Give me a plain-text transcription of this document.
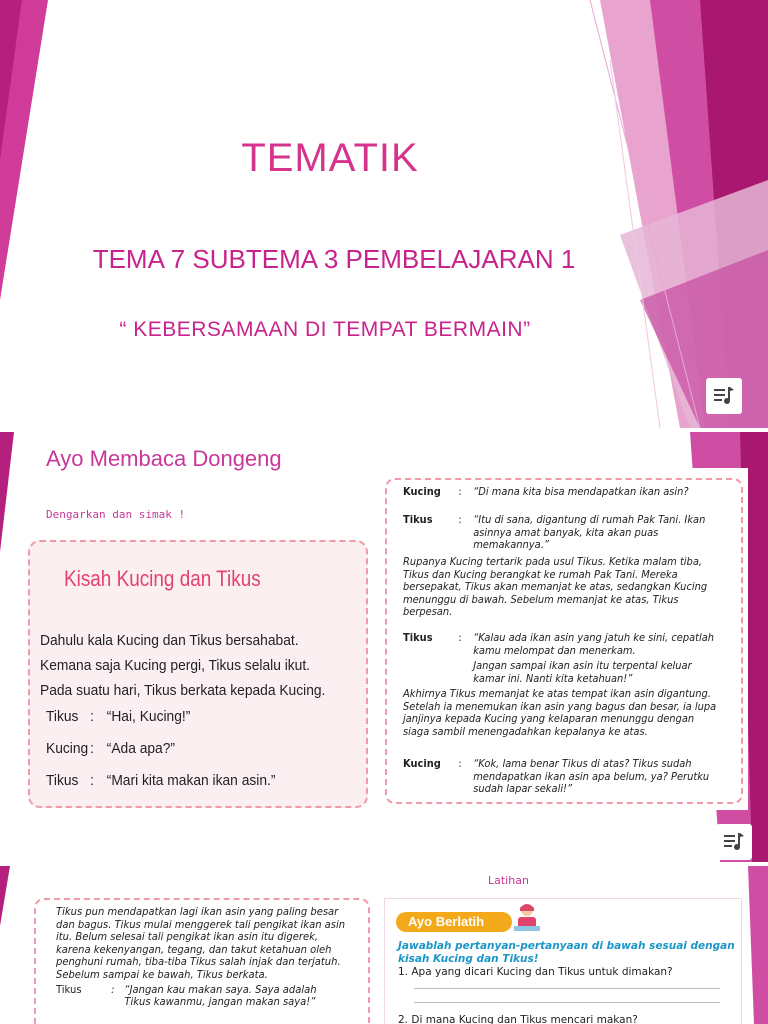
TEMATIK
TEMA 7 SUBTEMA 3 PEMBELAJARAN 1
“ KEBERSAMAAN DI TEMPAT BERMAIN”
Ayo Membaca Dongeng
Dengarkan dan simak !
Kisah Kucing dan Tikus
Dahulu kala Kucing dan Tikus bersahabat.
Kemana saja Kucing pergi, Tikus selalu ikut.
Pada suatu hari, Tikus berkata kepada Kucing.
Tikus : “Hai, Kucing!”
Kucing : “Ada apa?”
Tikus : “Mari kita makan ikan asin.”
Kucing	:	“Di mana kita bisa mendapatkan ikan asin?
Tikus	:	“Itu di sana, digantung di rumah Pak Tani. Ikan asinnya amat banyak, kita akan puas memakannya.”
Rupanya Kucing tertarik pada usul Tikus. Ketika malam tiba, Tikus dan Kucing berangkat ke rumah Pak Tani. Mereka bersepakat, Tikus akan memanjat ke atas, sedangkan Kucing menunggu di bawah. Sebelum memanjat ke atas, Tikus berpesan.
Tikus	:	“Kalau ada ikan asin yang jatuh ke sini, cepatlah kamu melompat dan menerkam.
Jangan sampai ikan asin itu terpental keluar kamar ini. Nanti kita ketahuan!”
Akhirnya Tikus memanjat ke atas tempat ikan asin digantung. Setelah ia menemukan ikan asin yang bagus dan besar, ia lupa janjinya kepada Kucing yang kelaparan menunggu dengan siaga sambil menengadahkan kepalanya ke atas.
Kucing	:	“Kok, lama benar Tikus di atas? Tikus sudah mendapatkan ikan asin apa belum, ya? Perutku sudah lapar sekali!”
Latihan
Tikus pun mendapatkan lagi ikan asin yang paling besar dan bagus. Tikus mulai menggerek tali pengikat ikan asin itu. Belum selesai tali pengikat ikan asin itu digerek, karena kekenyangan, tegang, dan takut ketahuan oleh penghuni rumah, tiba-tiba Tikus salah injak dan terjatuh. Sebelum sampai ke bawah, Tikus berkata.
Tikus	: “Jangan kau makan saya. Saya adalah Tikus kawanmu, jangan makan saya!”
Ayo Berlatih
Jawablah pertanyan-pertanyaan di bawah sesuai dengan kisah Kucing dan Tikus!
1. Apa yang dicari Kucing dan Tikus untuk dimakan?
2. Di mana Kucing dan Tikus mencari makan?
